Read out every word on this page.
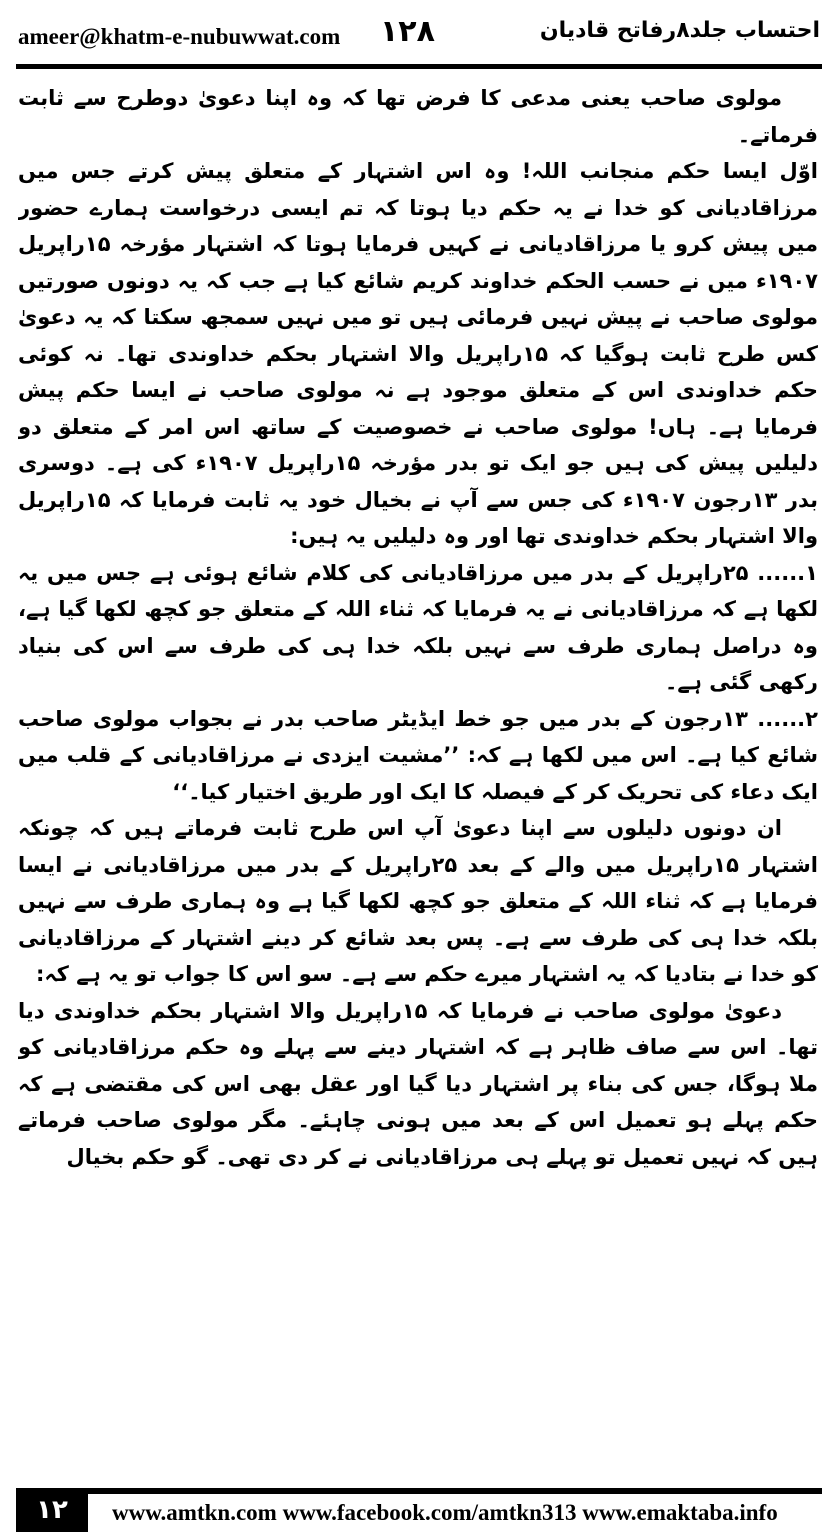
ameer@khatm-e-nubuwwat.com ۱۲۸	احتساب جلد۸رفاتح قادیان

مولوی صاحب یعنی مدعی کا فرض تھا کہ وہ اپنا دعویٰ دوطرح سے ثابت فرماتے۔

اوّل ایسا حکم منجانب اللہ! وہ اس اشتہار کے متعلق پیش کرتے جس میں مرزاقادیانی کو خدا نے یہ حکم دیا ہوتا کہ تم ایسی درخواست ہمارے حضور میں پیش کرو یا مرزاقادیانی نے کہیں فرمایا ہوتا کہ اشتہار مؤرخہ ۱۵راپریل ۱۹۰۷ء میں نے حسب الحکم خداوند کریم شائع کیا ہے جب کہ یہ دونوں صورتیں مولوی صاحب نے پیش نہیں فرمائی ہیں تو میں نہیں سمجھ سکتا کہ یہ دعویٰ کس طرح ثابت ہوگیا کہ ۱۵راپریل والا اشتہار بحکم خداوندی تھا۔ نہ کوئی حکم خداوندی اس کے متعلق موجود ہے نہ مولوی صاحب نے ایسا حکم پیش فرمایا ہے۔ ہاں! مولوی صاحب نے خصوصیت کے ساتھ اس امر کے متعلق دو دلیلیں پیش کی ہیں جو ایک تو بدر مؤرخہ ۱۵راپریل ۱۹۰۷ء کی ہے۔ دوسری بدر ۱۳رجون ۱۹۰۷ء کی جس سے آپ نے بخیال خود یہ ثابت فرمایا کہ ۱۵راپریل والا اشتہار بحکم خداوندی تھا اور وہ دلیلیں یہ ہیں:

۱...... ۲۵راپریل کے بدر میں مرزاقادیانی کی کلام شائع ہوئی ہے جس میں یہ لکھا ہے کہ مرزاقادیانی نے یہ فرمایا کہ ثناء اللہ کے متعلق جو کچھ لکھا گیا ہے، وہ دراصل ہماری طرف سے نہیں بلکہ خدا ہی کی طرف سے اس کی بنیاد رکھی گئی ہے۔

۲...... ۱۳رجون کے بدر میں جو خط ایڈیٹر صاحب بدر نے بجواب مولوی صاحب شائع کیا ہے۔ اس میں لکھا ہے کہ: ’’مشیت ایزدی نے مرزاقادیانی کے قلب میں ایک دعاء کی تحریک کر کے فیصلہ کا ایک اور طریق اختیار کیا۔‘‘

ان دونوں دلیلوں سے اپنا دعویٰ آپ اس طرح ثابت فرماتے ہیں کہ چونکہ اشتہار ۱۵راپریل میں والے کے بعد ۲۵راپریل کے بدر میں مرزاقادیانی نے ایسا فرمایا ہے کہ ثناء اللہ کے متعلق جو کچھ لکھا گیا ہے وہ ہماری طرف سے نہیں بلکہ خدا ہی کی طرف سے ہے۔ پس بعد شائع کر دینے اشتہار کے مرزاقادیانی کو خدا نے بتادیا کہ یہ اشتہار میرے حکم سے ہے۔ سو اس کا جواب تو یہ ہے کہ:

دعویٰ مولوی صاحب نے فرمایا کہ ۱۵راپریل والا اشتہار بحکم خداوندی دیا تھا۔ اس سے صاف ظاہر ہے کہ اشتہار دینے سے پہلے وہ حکم مرزاقادیانی کو ملا ہوگا، جس کی بناء پر اشتہار دیا گیا اور عقل بھی اس کی مقتضی ہے کہ حکم پہلے ہو تعمیل اس کے بعد میں ہونی چاہئے۔ مگر مولوی صاحب فرماتے ہیں کہ نہیں تعمیل تو پہلے ہی مرزاقادیانی نے کر دی تھی۔ گو حکم بخیال

۱۲	www.amtkn.com www.facebook.com/amtkn313 www.emaktaba.info
